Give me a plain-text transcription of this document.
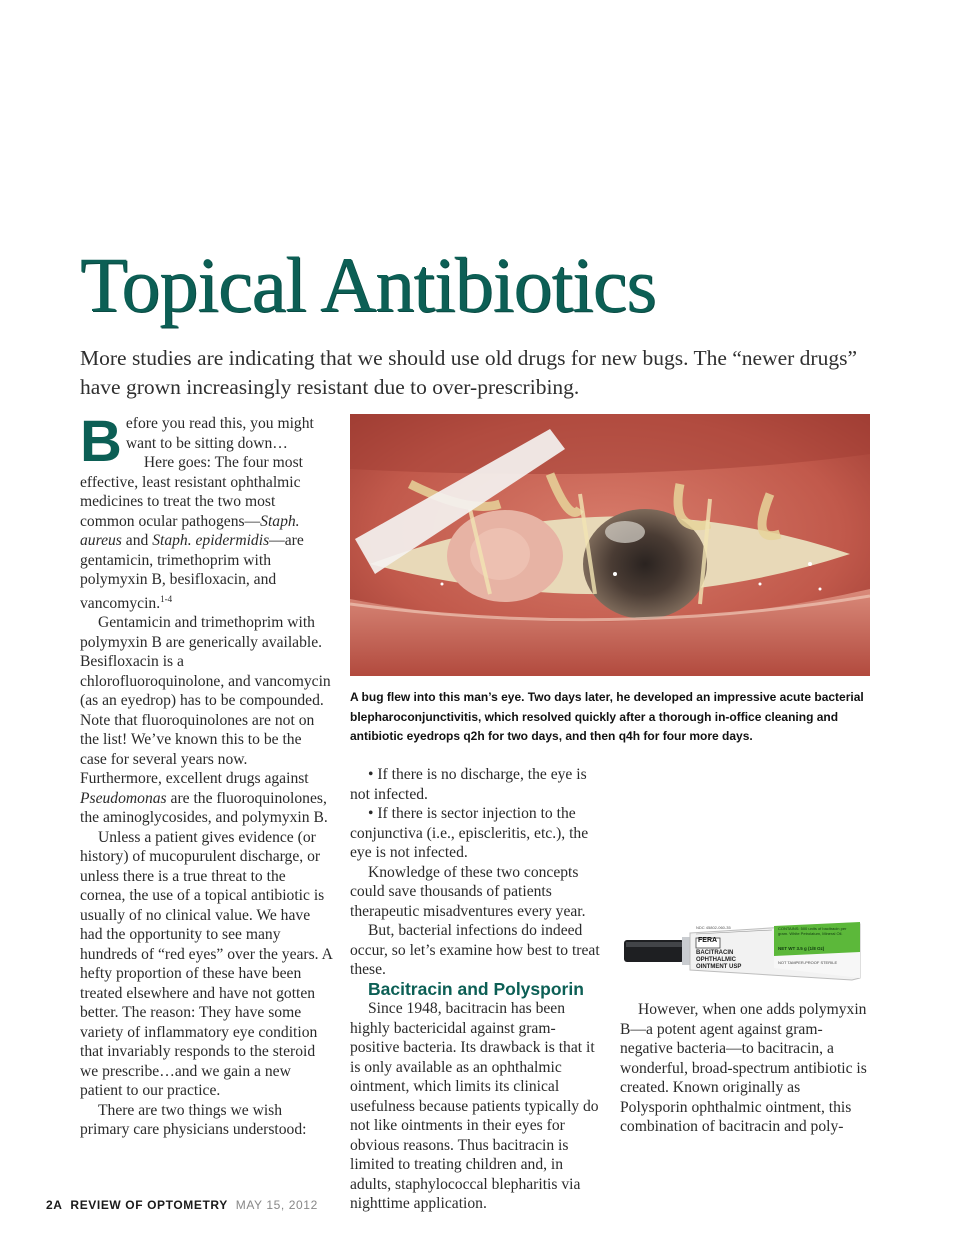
Topical Antibiotics
More studies are indicating that we should use old drugs for new bugs. The “newer drugs” have grown increasingly resistant due to over-prescribing.

Before you read this, you might want to be sitting down…

Here goes: The four most effective, least resistant ophthalmic medicines to treat the two most common ocular pathogens—Staph. aureus and Staph. epidermidis—are gentamicin, trimethoprim with polymyxin B, besifloxacin, and vancomycin.$^{1-4}$

Gentamicin and trimethoprim with polymyxin B are generically available. Besifloxacin is a chlorofluoroquinolone, and vancomycin (as an eyedrop) has to be compounded. Note that fluoroquinolones are not on the list! We’ve known this to be the case for several years now. Furthermore, excellent drugs against Pseudomonas are the fluoroquinolones, the aminoglycosides, and polymyxin B.

Unless a patient gives evidence (or history) of mucopurulent discharge, or unless there is a true threat to the cornea, the use of a topical antibiotic is usually of no clinical value. We have had the opportunity to see many hundreds of “red eyes” over the years. A hefty proportion of these have been treated elsewhere and have not gotten better. The reason: They have some variety of inflammatory eye condition that invariably responds to the steroid we prescribe…and we gain a new patient to our practice.

There are two things we wish primary care physicians understood:

A bug flew into this man’s eye. Two days later, he developed an impressive acute bacterial blepharoconjunctivitis, which resolved quickly after a thorough in-office cleaning and antibiotic eyedrops q2h for two days, and then q4h for four more days.

• If there is no discharge, the eye is not infected.

• If there is sector injection to the conjunctiva (i.e., episcleritis, etc.), the eye is not infected.

Knowledge of these two concepts could save thousands of patients therapeutic misadventures every year.

But, bacterial infections do indeed occur, so let’s examine how best to treat these.

Bacitracin and Polysporin

Since 1948, bacitracin has been highly bactericidal against gram-positive bacteria. Its drawback is that it is only available as an ophthalmic ointment, which limits its clinical usefulness because patients typically do not like ointments in their eyes for obvious reasons. Thus bacitracin is limited to treating children and, in adults, staphylococcal blepharitis via nighttime application.

NDC 45802-060-35
FERA
BACITRACIN OPHTHALMIC OINTMENT USP
CONTAINS: 500 units of bacitracin per gram. White Petrolatum, Mineral Oil.
NET WT 3.5 g (1/8 Oz)
NOT TAMPER-PROOF STERILE

However, when one adds polymyxin B—a potent agent against gram-negative bacteria—to bacitracin, a wonderful, broad-spectrum antibiotic is created. Known originally as Polysporin ophthalmic ointment, this combination of bacitracin and poly-

2A REVIEW OF OPTOMETRY MAY 15, 2012
